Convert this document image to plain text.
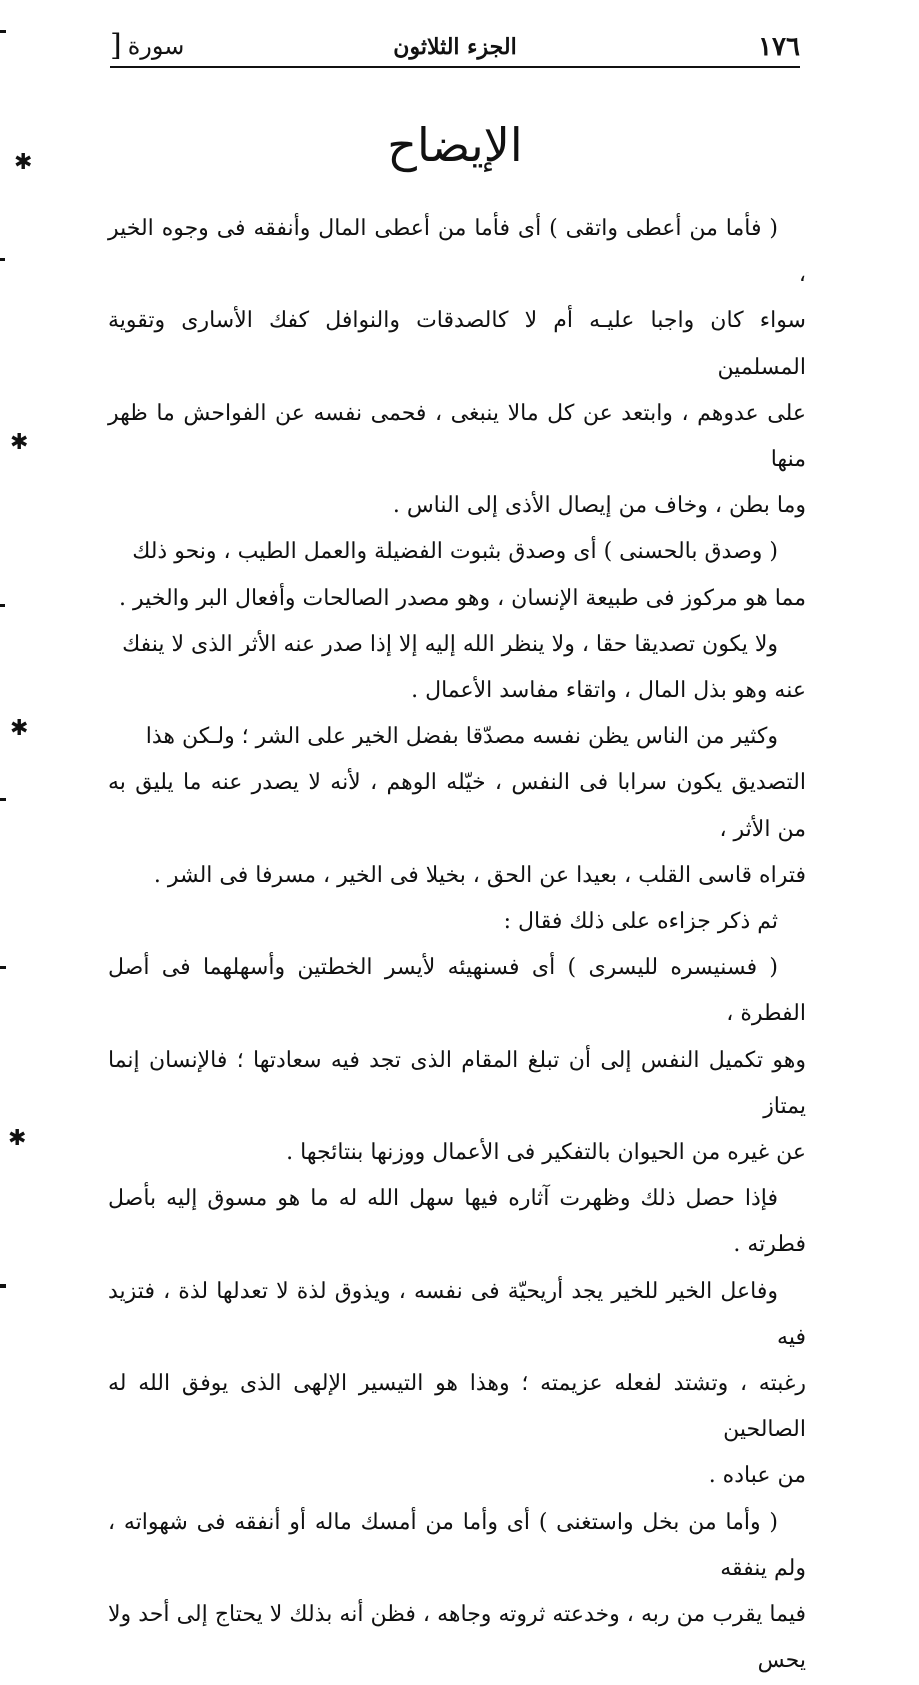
١٧٦
الجزء الثلاثون
سورة
[
الإيضاح

( فأما من أعطى واتقى ) أى فأما من أعطى المال وأنفقه فى وجوه الخير ،

سواء كان واجبا عليـه أم لا كالصدقات والنوافل كفك الأسارى وتقوية المسلمين

على عدوهم ، وابتعد عن كل مالا ينبغى ، فحمى نفسه عن الفواحش ما ظهر منها

وما بطن ، وخاف من إيصال الأذى إلى الناس .

( وصدق بالحسنى ) أى وصدق بثبوت الفضيلة والعمل الطيب ، ونحو ذلك

مما هو مركوز فى طبيعة الإنسان ، وهو مصدر الصالحات وأفعال البر والخير .

ولا يكون تصديقا حقا ، ولا ينظر الله إليه إلا إذا صدر عنه الأثر الذى لا ينفك

عنه وهو بذل المال ، واتقاء مفاسد الأعمال .

وكثير من الناس يظن نفسه مصدّقا بفضل الخير على الشر ؛ ولـكن هذا

التصديق يكون سرابا فى النفس ، خيّله الوهم ، لأنه لا يصدر عنه ما يليق به من الأثر ،

فتراه قاسى القلب ، بعيدا عن الحق ، بخيلا فى الخير ، مسرفا فى الشر .

ثم ذكر جزاءه على ذلك فقال :

( فسنيسره لليسرى ) أى فسنهيئه لأيسر الخطتين وأسهلهما فى أصل الفطرة ،

وهو تكميل النفس إلى أن تبلغ المقام الذى تجد فيه سعادتها ؛ فالإنسان إنما يمتاز

عن غيره من الحيوان بالتفكير فى الأعمال ووزنها بنتائجها .

فإذا حصل ذلك وظهرت آثاره فيها سهل الله له ما هو مسوق إليه بأصل فطرته .

وفاعل الخير للخير يجد أريحيّة فى نفسه ، ويذوق لذة لا تعدلها لذة ، فتزيد فيه

رغبته ، وتشتد لفعله عزيمته ؛ وهذا هو التيسير الإلهى الذى يوفق الله له الصالحين

من عباده .

( وأما من بخل واستغنى ) أى وأما من أمسك ماله أو أنفقه فى شهواته ، ولم ينفقه

فيما يقرب من ربه ، وخدعته ثروته وجاهه ، فظن أنه بذلك لا يحتاج إلى أحد ولا يحس

✱
✱
✱
✱
